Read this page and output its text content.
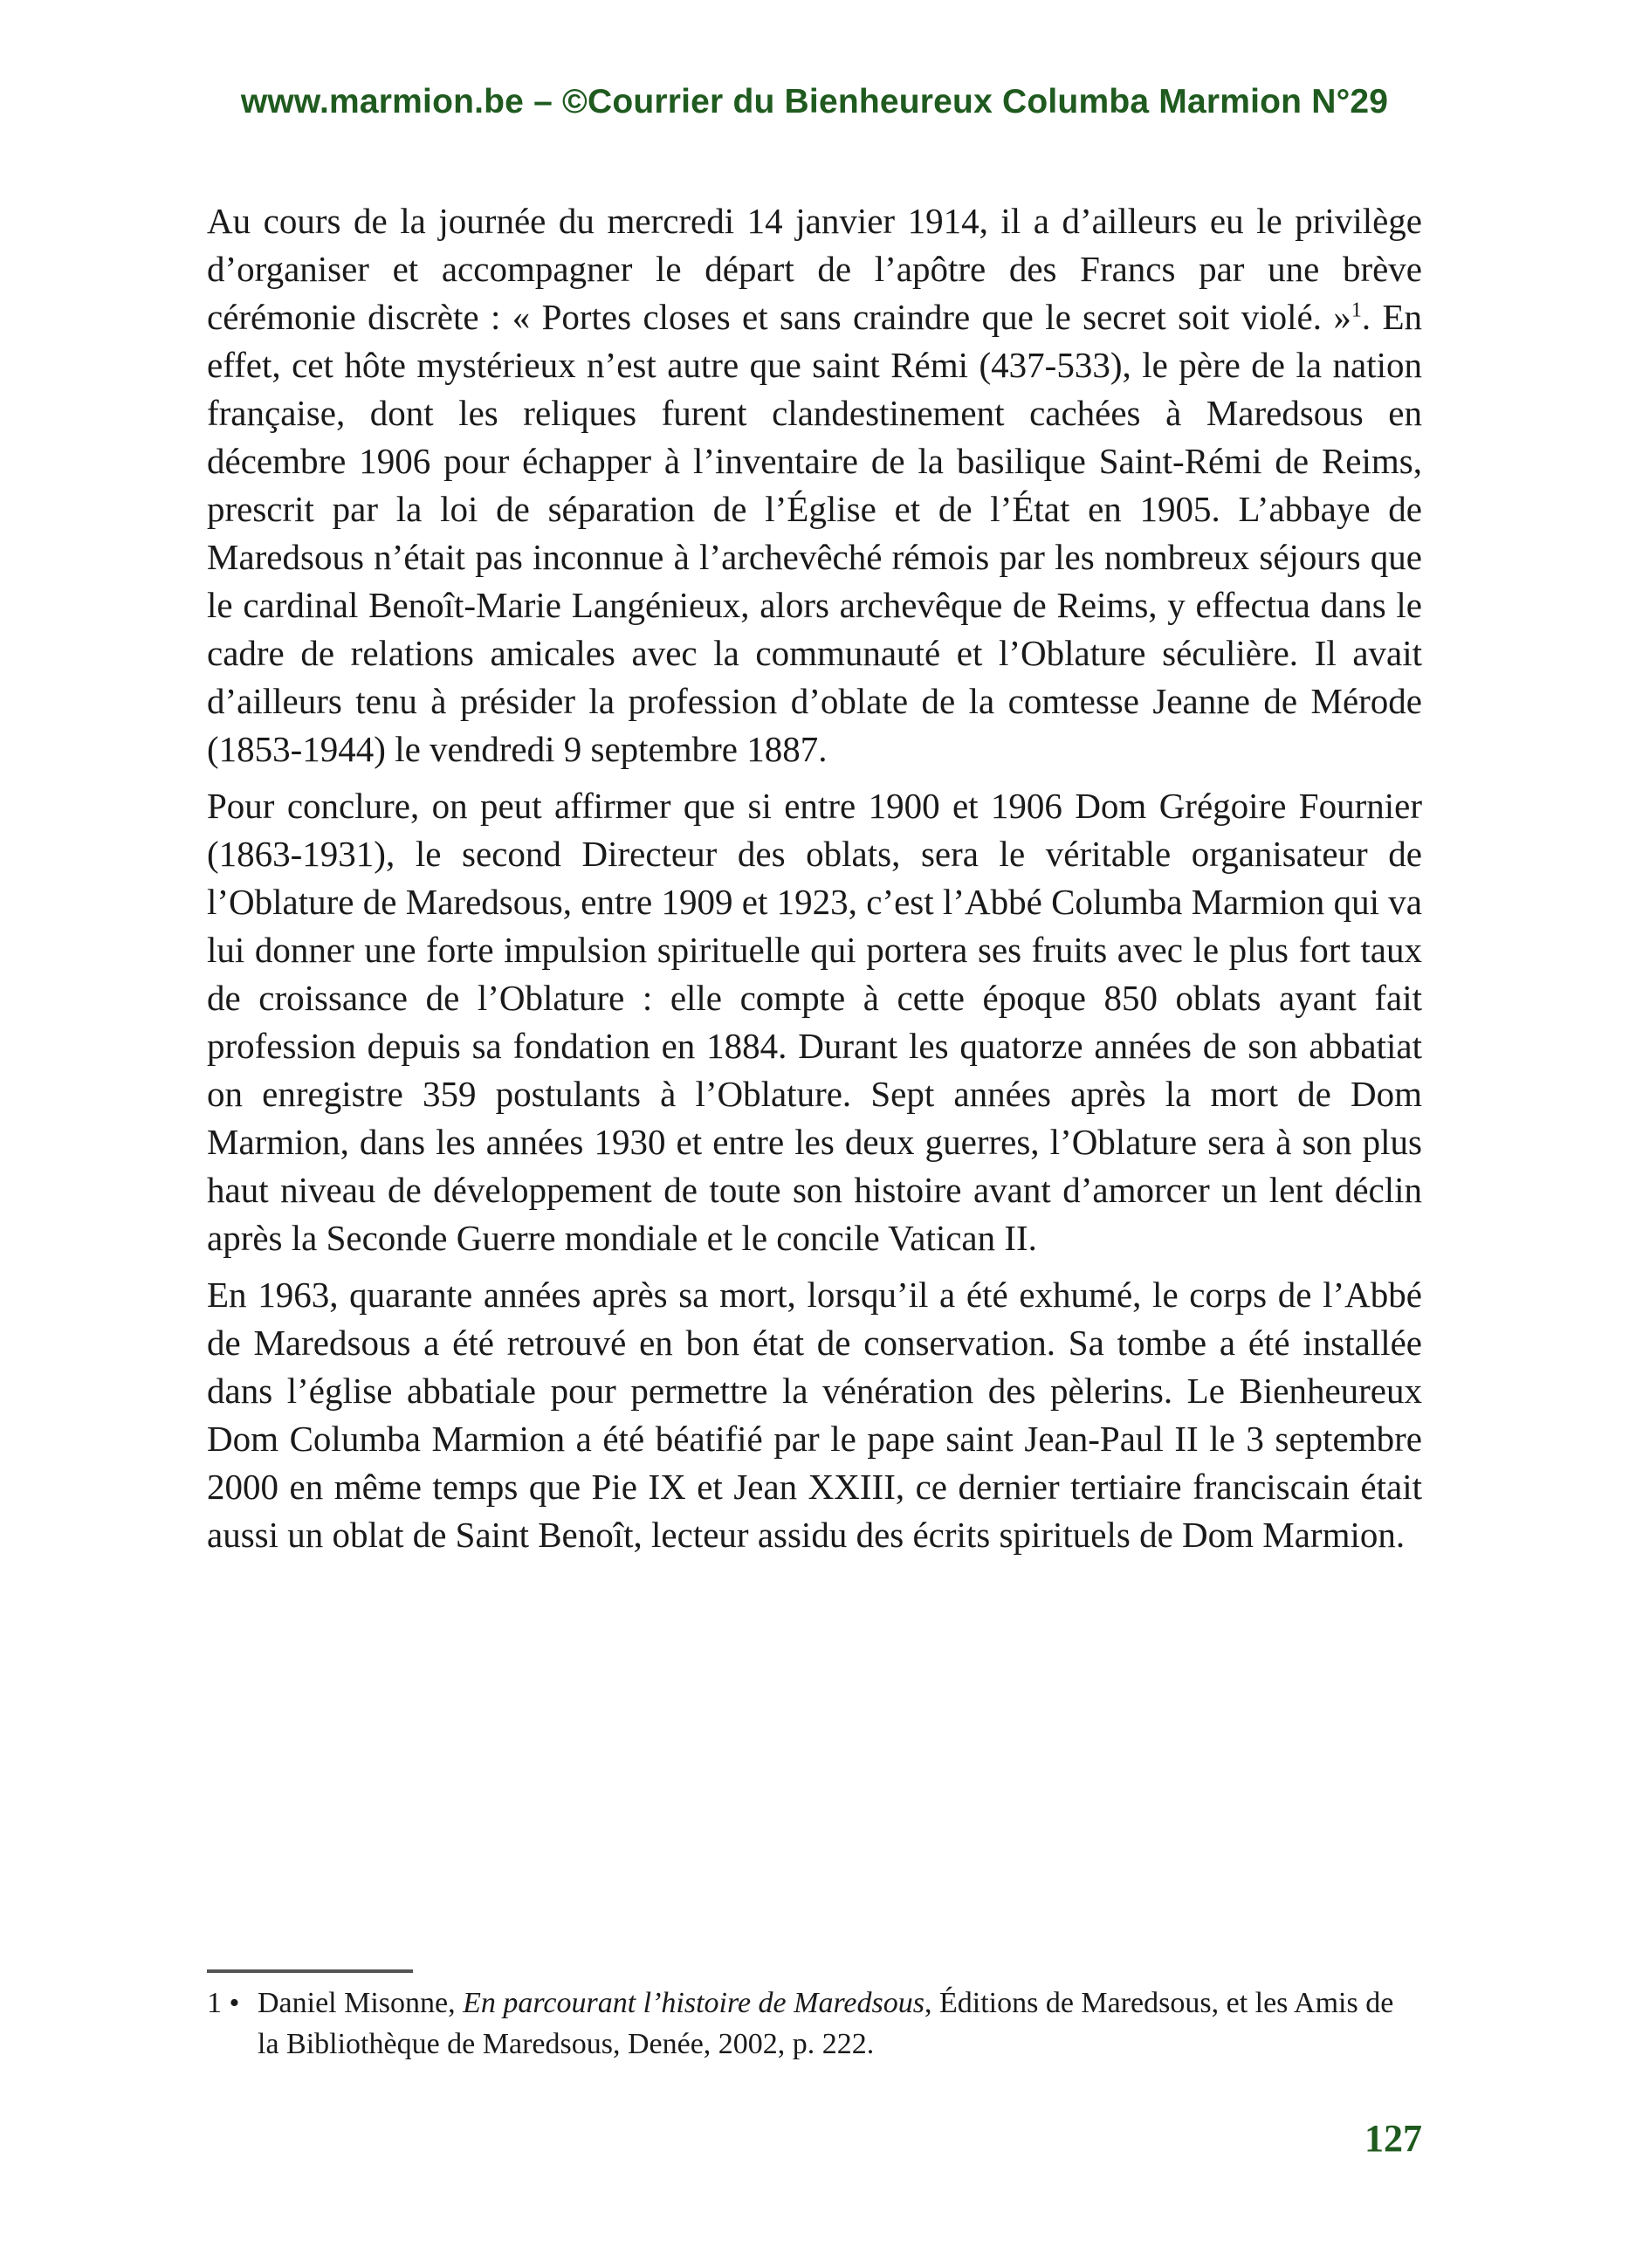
www.marmion.be – ©Courrier du Bienheureux Columba Marmion N°29

Au cours de la journée du mercredi 14 janvier 1914, il a d’ailleurs eu le privilège d’organiser et accompagner le départ de l’apôtre des Francs par une brève cérémonie discrète : « Portes closes et sans craindre que le secret soit violé. »$^1$. En effet, cet hôte mystérieux n’est autre que saint Rémi (437-533), le père de la nation française, dont les reliques furent clandestinement cachées à Maredsous en décembre 1906 pour échapper à l’inventaire de la basilique Saint-Rémi de Reims, prescrit par la loi de séparation de l’Église et de l’État en 1905. L’abbaye de Maredsous n’était pas inconnue à l’archevêché rémois par les nombreux séjours que le cardinal Benoît-Marie Langénieux, alors archevêque de Reims, y effectua dans le cadre de relations amicales avec la communauté et l’Oblature séculière. Il avait d’ailleurs tenu à présider la profession d’oblate de la comtesse Jeanne de Mérode (1853-1944) le vendredi 9 septembre 1887.

Pour conclure, on peut affirmer que si entre 1900 et 1906 Dom Grégoire Fournier (1863-1931), le second Directeur des oblats, sera le véritable organisateur de l’Oblature de Maredsous, entre 1909 et 1923, c’est l’Abbé Columba Marmion qui va lui donner une forte impulsion spirituelle qui portera ses fruits avec le plus fort taux de croissance de l’Oblature : elle compte à cette époque 850 oblats ayant fait profession depuis sa fondation en 1884. Durant les quatorze années de son abbatiat on enregistre 359 postulants à l’Oblature. Sept années après la mort de Dom Marmion, dans les années 1930 et entre les deux guerres, l’Oblature sera à son plus haut niveau de développement de toute son histoire avant d’amorcer un lent déclin après la Seconde Guerre mondiale et le concile Vatican II.

En 1963, quarante années après sa mort, lorsqu’il a été exhumé, le corps de l’Abbé de Maredsous a été retrouvé en bon état de conservation. Sa tombe a été installée dans l’église abbatiale pour permettre la vénération des pèlerins. Le Bienheureux Dom Columba Marmion a été béatifié par le pape saint Jean-Paul II le 3 septembre 2000 en même temps que Pie IX et Jean XXIII, ce dernier tertiaire franciscain était aussi un oblat de Saint Benoît, lecteur assidu des écrits spirituels de Dom Marmion.

1 • Daniel Misonne, En parcourant l’histoire de Maredsous, Éditions de Maredsous, et les Amis de la Bibliothèque de Maredsous, Denée, 2002, p. 222.
127
